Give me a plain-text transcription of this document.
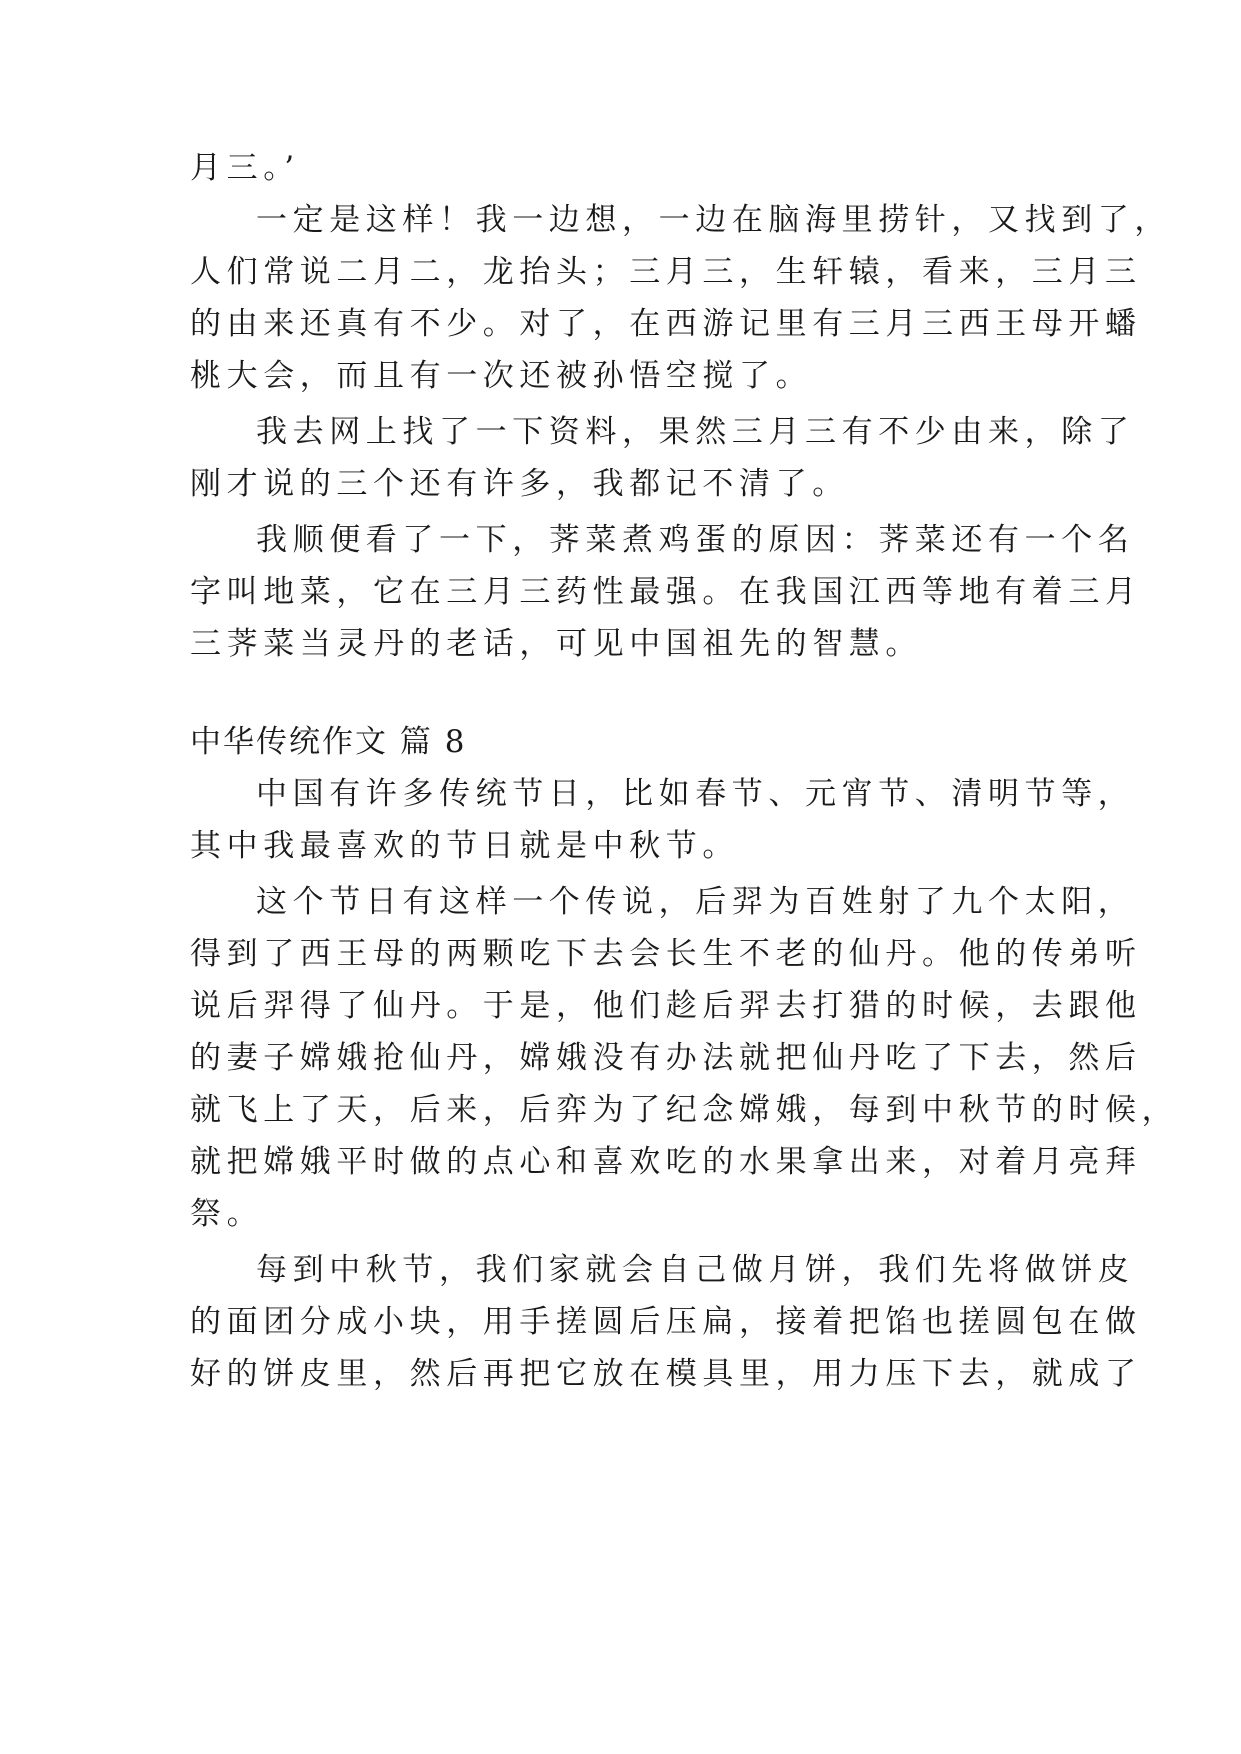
月三。’

一定是这样！我一边想，一边在脑海里捞针，又找到了，

人们常说二月二，龙抬头；三月三，生轩辕，看来，三月三

的由来还真有不少。对了，在西游记里有三月三西王母开蟠

桃大会，而且有一次还被孙悟空搅了。

我去网上找了一下资料，果然三月三有不少由来，除了

刚才说的三个还有许多，我都记不清了。

我顺便看了一下，荠菜煮鸡蛋的原因：荠菜还有一个名

字叫地菜，它在三月三药性最强。在我国江西等地有着三月

三荠菜当灵丹的老话，可见中国祖先的智慧。

中华传统作文 篇 8

中国有许多传统节日，比如春节、元宵节、清明节等，

其中我最喜欢的节日就是中秋节。

这个节日有这样一个传说，后羿为百姓射了九个太阳，

得到了西王母的两颗吃下去会长生不老的仙丹。他的传弟听

说后羿得了仙丹。于是，他们趁后羿去打猎的时候，去跟他

的妻子嫦娥抢仙丹，嫦娥没有办法就把仙丹吃了下去，然后

就飞上了天，后来，后弈为了纪念嫦娥，每到中秋节的时候，

就把嫦娥平时做的点心和喜欢吃的水果拿出来，对着月亮拜

祭。

每到中秋节，我们家就会自己做月饼，我们先将做饼皮

的面团分成小块，用手搓圆后压扁，接着把馅也搓圆包在做

好的饼皮里，然后再把它放在模具里，用力压下去，就成了
